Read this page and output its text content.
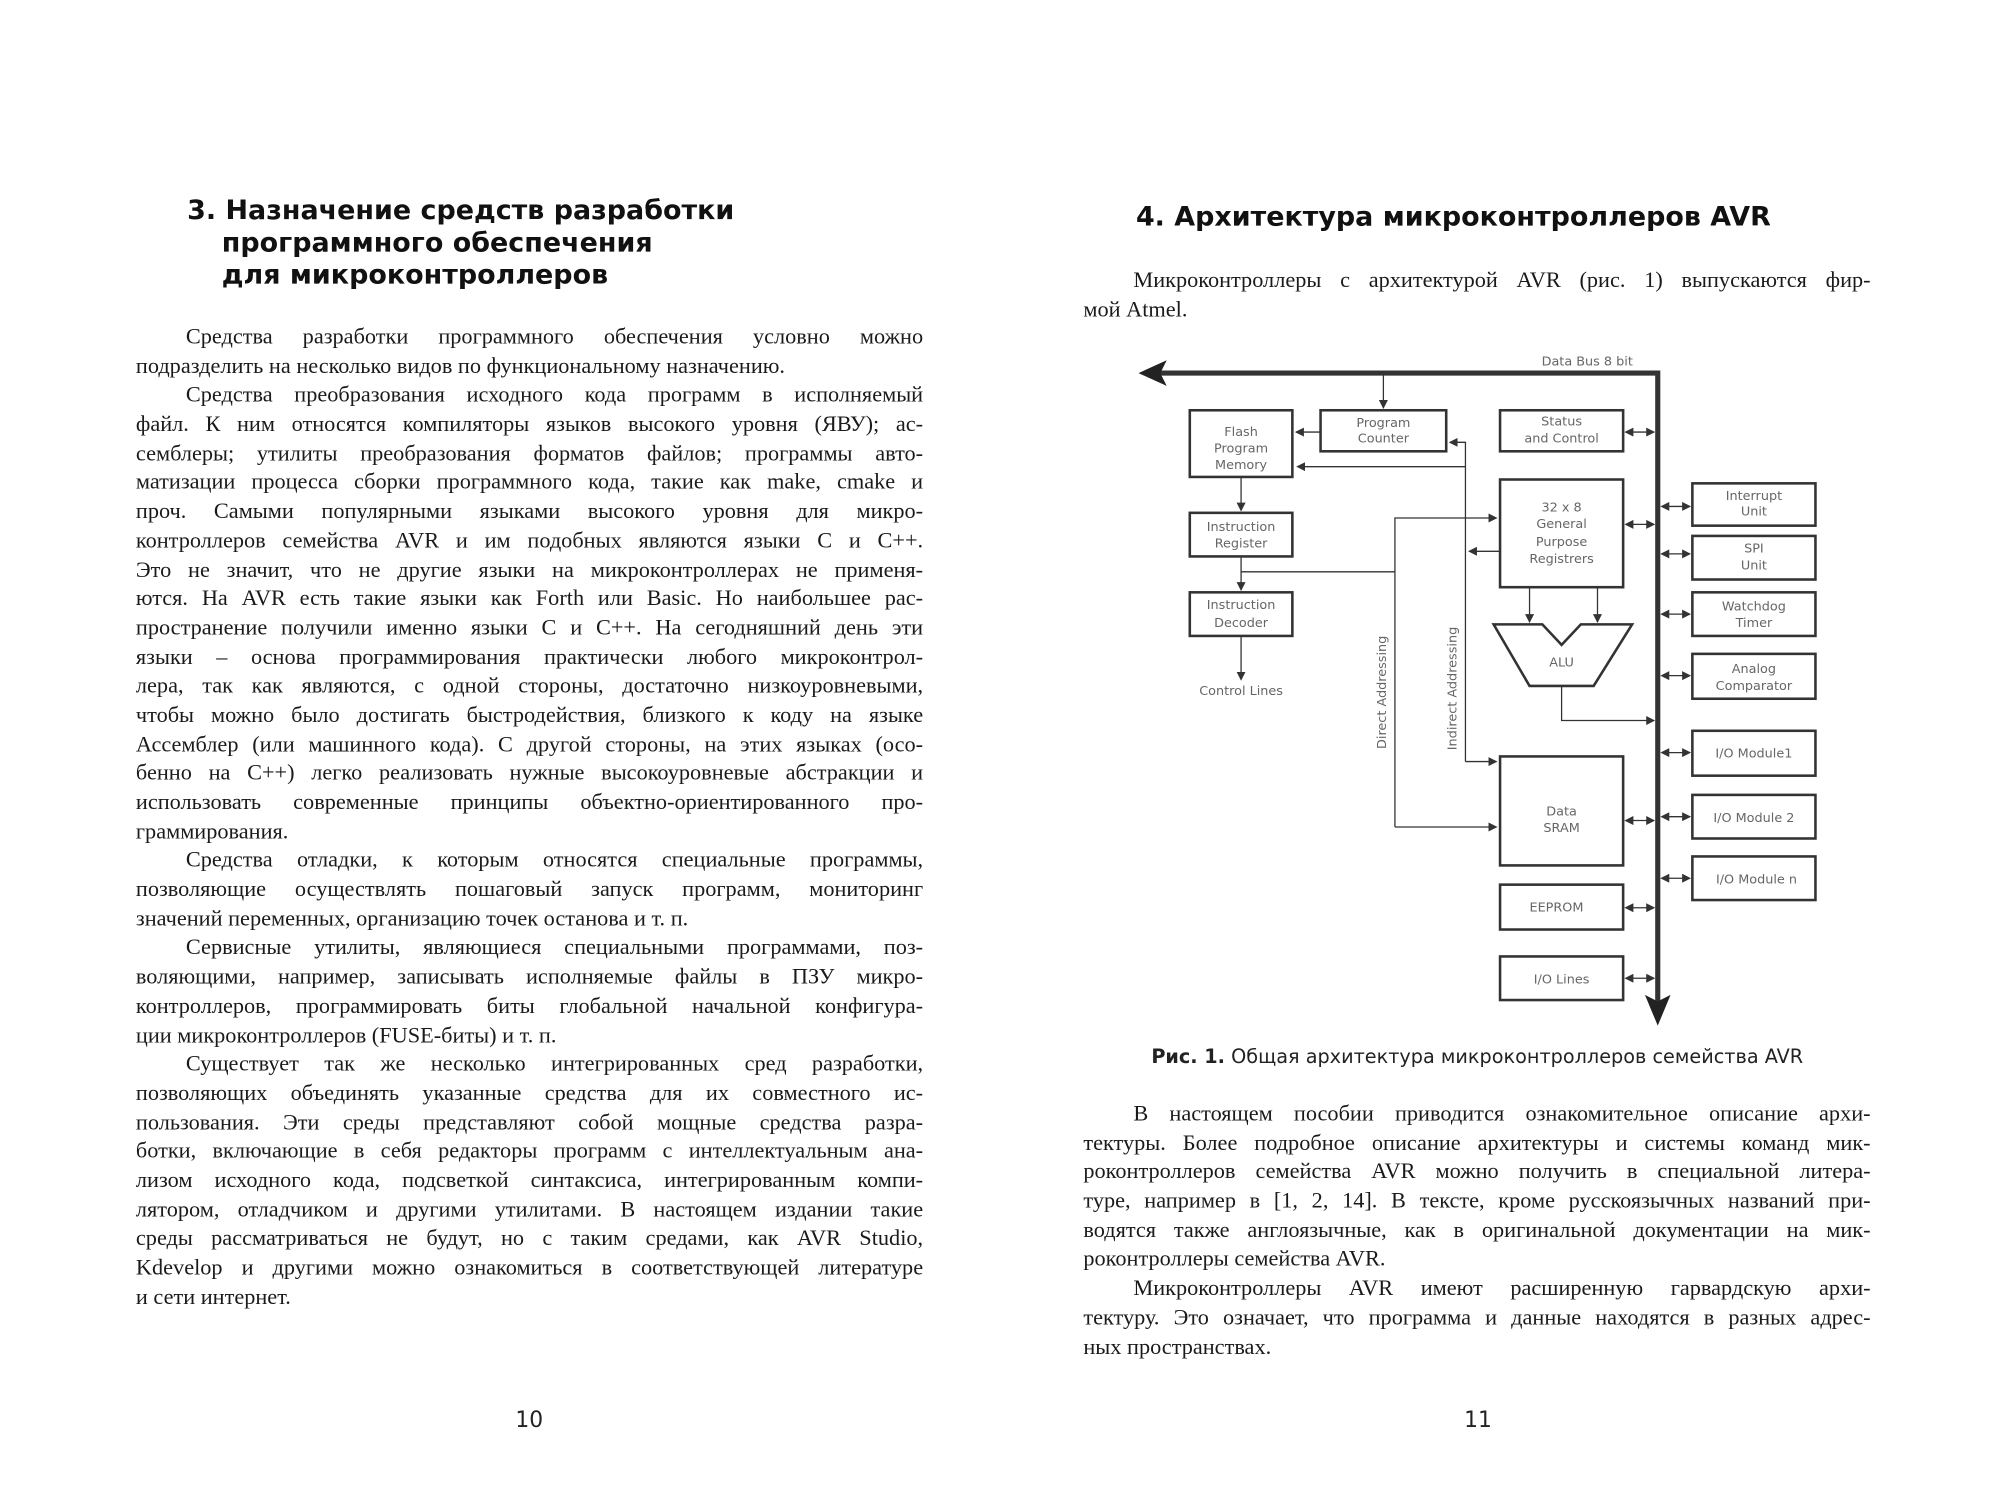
3. Назначение средств разработки
программного обеспечения
для микроконтроллеров
Средства разработки программного обеспечения условно можно
подразделить на несколько видов по функциональному назначению.
Средства преобразования исходного кода программ в исполняемый
файл. К ним относятся компиляторы языков высокого уровня (ЯВУ); ас-
семблеры; утилиты преобразования форматов файлов; программы авто-
матизации процесса сборки программного кода, такие как make, cmake и
проч. Самыми популярными языками высокого уровня для микро-
контроллеров семейства AVR и им подобных являются языки C и C++.
Это не значит, что не другие языки на микроконтроллерах не применя-
ются. На AVR есть такие языки как Forth или Basic. Но наибольшее рас-
пространение получили именно языки C и C++. На сегодняшний день эти
языки – основа программирования практически любого микроконтрол-
лера, так как являются, с одной стороны, достаточно низкоуровневыми,
чтобы можно было достигать быстродействия, близкого к коду на языке
Ассемблер (или машинного кода). С другой стороны, на этих языках (осо-
бенно на C++) легко реализовать нужные высокоуровневые абстракции и
использовать современные принципы объектно-ориентированного про-
граммирования.
Средства отладки, к которым относятся специальные программы,
позволяющие осуществлять пошаговый запуск программ, мониторинг
значений переменных, организацию точек останова и т. п.
Сервисные утилиты, являющиеся специальными программами, поз-
воляющими, например, записывать исполняемые файлы в ПЗУ микро-
контроллеров, программировать биты глобальной начальной конфигура-
ции микроконтроллеров (FUSE-биты) и т. п.
Существует так же несколько интегрированных сред разработки,
позволяющих объединять указанные средства для их совместного ис-
пользования. Эти среды представляют собой мощные средства разра-
ботки, включающие в себя редакторы программ с интеллектуальным ана-
лизом исходного кода, подсветкой синтаксиса, интегрированным компи-
лятором, отладчиком и другими утилитами. В настоящем издании такие
среды рассматриваться не будут, но с таким средами, как AVR Studio,
Kdevelop и другими можно ознакомиться в соответствующей литературе
и сети интернет.
10
4. Архитектура микроконтроллеров AVR
Микроконтроллеры с архитектурой AVR (рис. 1) выпускаются фир-
мой Atmel.
Data Bus 8 bit
Flash
Program
Memory
Program
Counter
Status
and Control
32 x 8
General
Purpose
Registrers
Instruction
Register
Instruction
Decoder
Control Lines
ALU
Direct Addressing	Indirect Addressing
Data
SRAM
EEPROM
I/O Lines
Interrupt
Unit
SPI
Unit
Watchdog
Timer
Analog
Comparator
I/O Module1
I/O Module 2
I/O Module n
Рис. 1. Общая архитектура микроконтроллеров семейства AVR
В настоящем пособии приводится ознакомительное описание архи-
тектуры. Более подробное описание архитектуры и системы команд мик-
роконтроллеров семейства AVR можно получить в специальной литера-
туре, например в [1, 2, 14]. В тексте, кроме русскоязычных названий при-
водятся также англоязычные, как в оригинальной документации на мик-
роконтроллеры семейства AVR.
Микроконтроллеры AVR имеют расширенную гарвардскую архи-
тектуру. Это означает, что программа и данные находятся в разных адрес-
ных пространствах.
11
